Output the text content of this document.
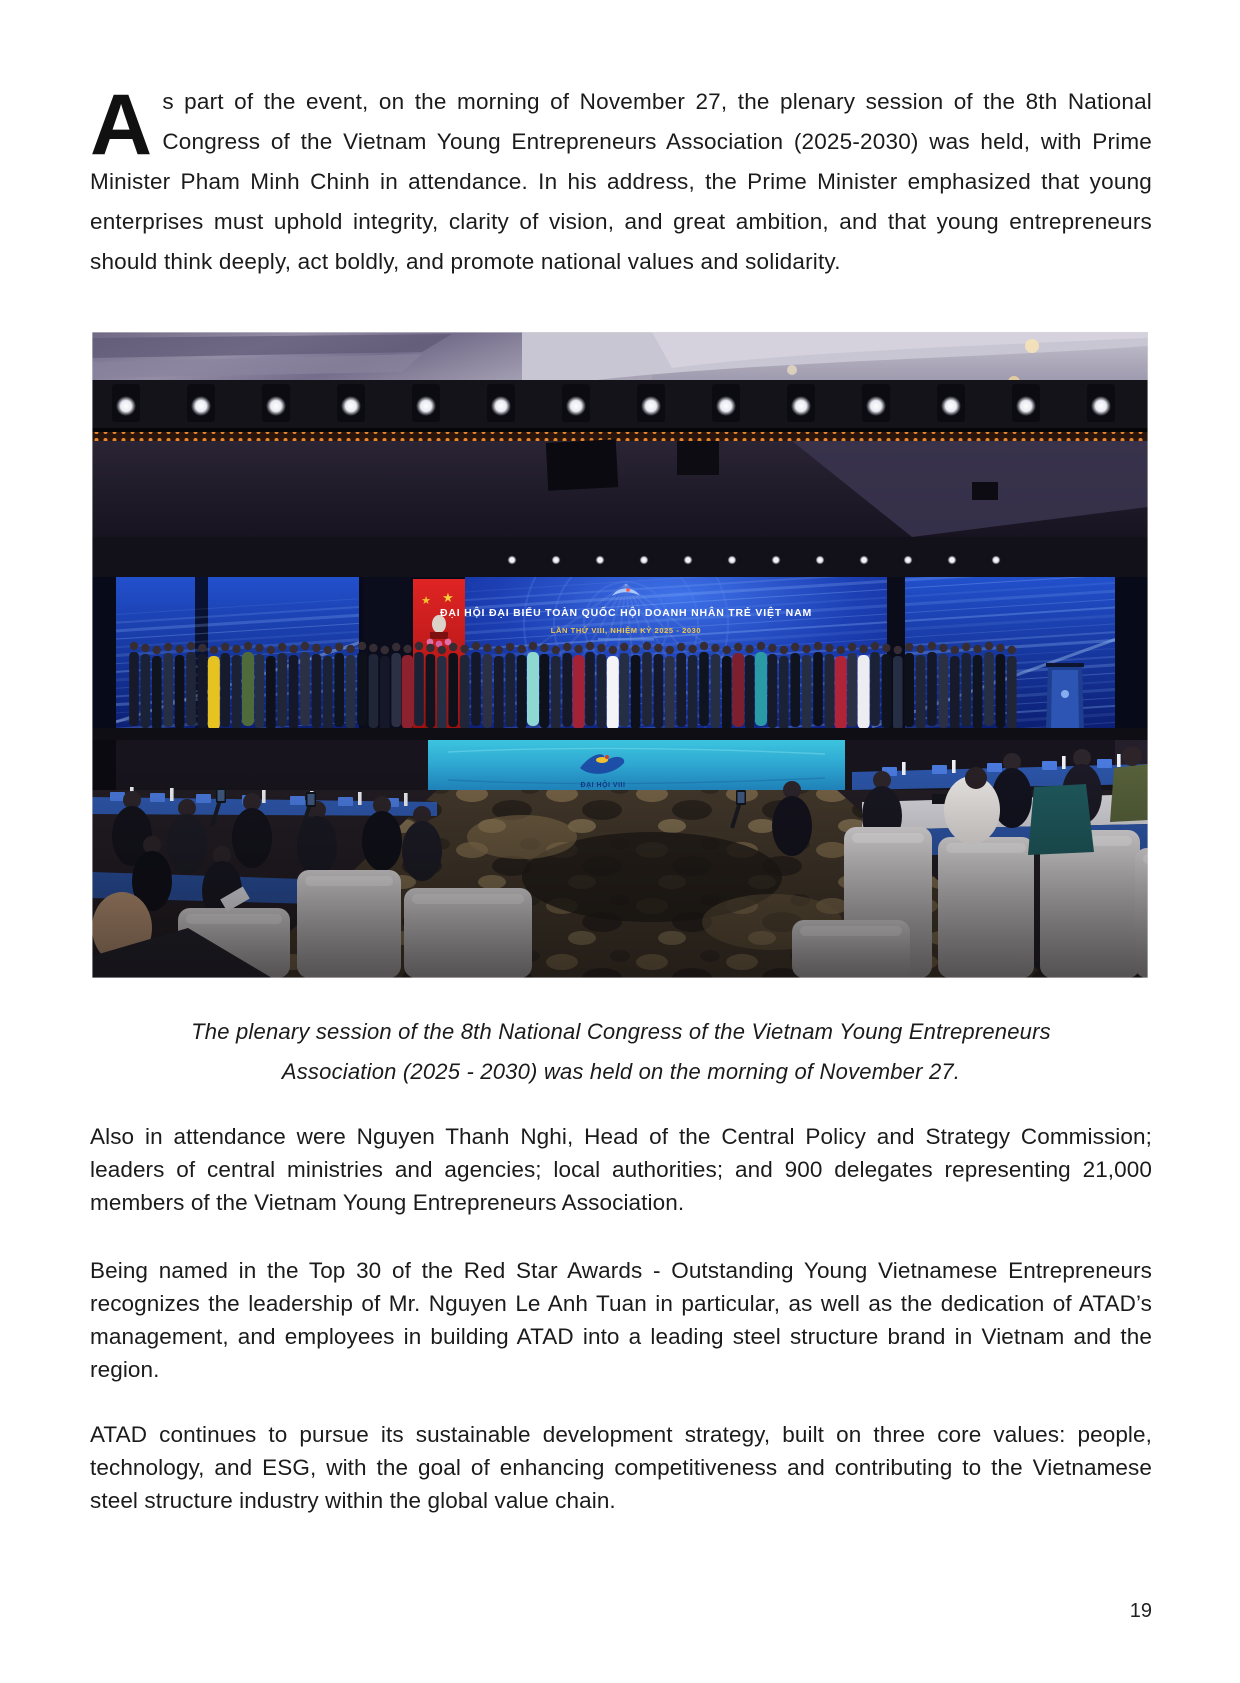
As part of the event, on the morning of November 27, the plenary session of the 8th National Congress of the Vietnam Young Entrepreneurs Association (2025-2030) was held, with Prime Minister Pham Minh Chinh in attendance. In his address, the Prime Minister emphasized that young enterprises must uphold integrity, clarity of vision, and great ambition, and that young entrepreneurs should think deeply, act boldly, and promote national values and solidarity.
★ ★
ĐẠI HỘI ĐẠI BIỂU TOÀN QUỐC HỘI DOANH NHÂN TRẺ VIỆT NAM
LẦN THỨ VIII, NHIỆM KỲ 2025 - 2030
The plenary session of the 8th National Congress of the Vietnam Young Entrepreneurs
Association (2025 - 2030) was held on the morning of November 27.
Also in attendance were Nguyen Thanh Nghi, Head of the Central Policy and Strategy Commission; leaders of central ministries and agencies; local authorities; and 900 delegates representing 21,000 members of the Vietnam Young Entrepreneurs Association.
Being named in the Top 30 of the Red Star Awards - Outstanding Young Vietnamese Entrepreneurs recognizes the leadership of Mr. Nguyen Le Anh Tuan in particular, as well as the dedication of ATAD’s management, and employees in building ATAD into a leading steel structure brand in Vietnam and the region.
ATAD continues to pursue its sustainable development strategy, built on three core values: people, technology, and ESG, with the goal of enhancing competitiveness and contributing to the Vietnamese steel structure industry within the global value chain.
19
